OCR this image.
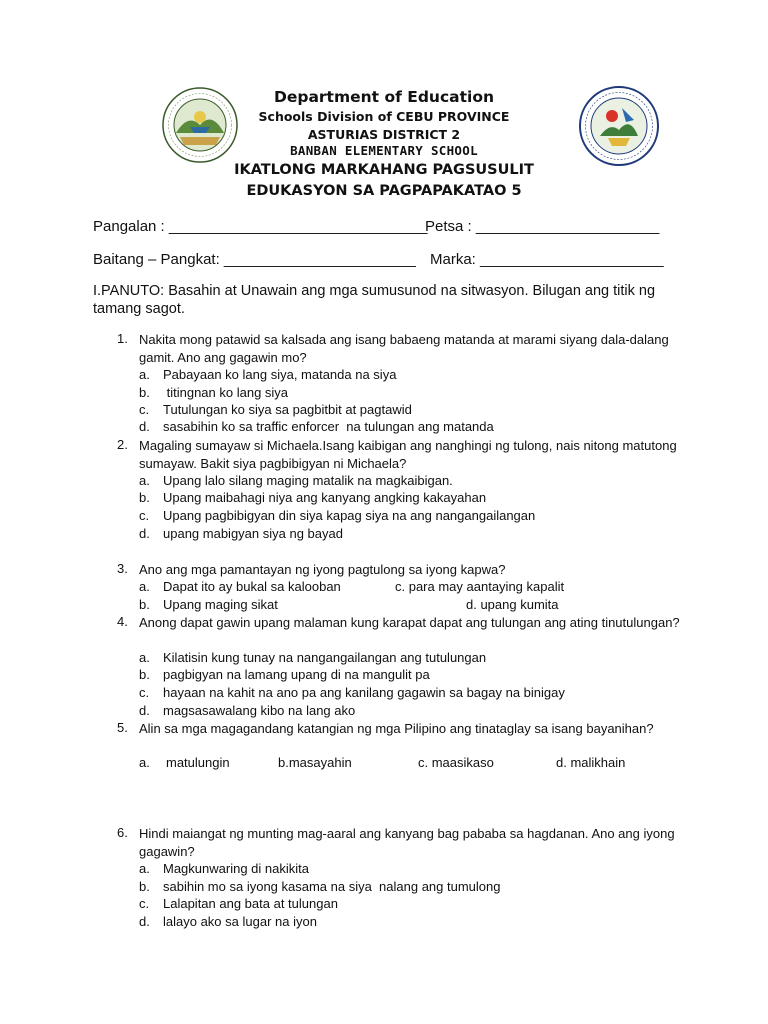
Department of Education
Schools Division of CEBU PROVINCE
ASTURIAS DISTRICT 2
BANBAN ELEMENTARY SCHOOL
IKATLONG MARKAHANG PAGSUSULIT
EDUKASYON SA PAGPAPAKATAO 5
Pangalan : _______________________________
Petsa : ______________________
Baitang – Pangkat: _______________________ Marka: ______________________
I.PANUTO: Basahin at Unawain ang mga sumusunod na sitwasyon. Bilugan ang titik ng tamang sagot.
1. Nakita mong patawid sa kalsada ang isang babaeng matanda at marami siyang dala-dalang gamit. Ano ang gagawin mo?
a. Pabayaan ko lang siya, matanda na siya
b. titingnan ko lang siya
c. Tutulungan ko siya sa pagbitbit at pagtawid
d. sasabihin ko sa traffic enforcer  na tulungan ang matanda
2. Magaling sumayaw si Michaela.Isang kaibigan ang nanghingi ng tulong, nais nitong matutong sumayaw. Bakit siya pagbibigyan ni Michaela?
a. Upang lalo silang maging matalik na magkaibigan.
b. Upang maibahagi niya ang kanyang angking kakayahan
c. Upang pagbibigyan din siya kapag siya na ang nangangailangan
d. upang mabigyan siya ng bayad
3. Ano ang mga pamantayan ng iyong pagtulong sa iyong kapwa?
a. Dapat ito ay bukal sa kalooban	c. para may aantaying kapalit
b. Upang maging sikat	d. upang kumita
4. Anong dapat gawin upang malaman kung karapat dapat ang tulungan ang ating tinutulungan?
a. Kilatisin kung tunay na nangangailangan ang tutulungan
b. pagbigyan na lamang upang di na mangulit pa
c. hayaan na kahit na ano pa ang kanilang gagawin sa bagay na binigay
d. magsasawalang kibo na lang ako
5. Alin sa mga magagandang katangian ng mga Pilipino ang tinataglay sa isang bayanihan?
a. matulungin	b.masayahin	c. maasikaso	d. malikhain
6. Hindi maiangat ng munting mag-aaral ang kanyang bag pababa sa hagdanan. Ano ang iyong gagawin?
a. Magkunwaring di nakikita
b. sabihin mo sa iyong kasama na siya  nalang ang tumulong
c. Lalapitan ang bata at tulungan
d. lalayo ako sa lugar na iyon
